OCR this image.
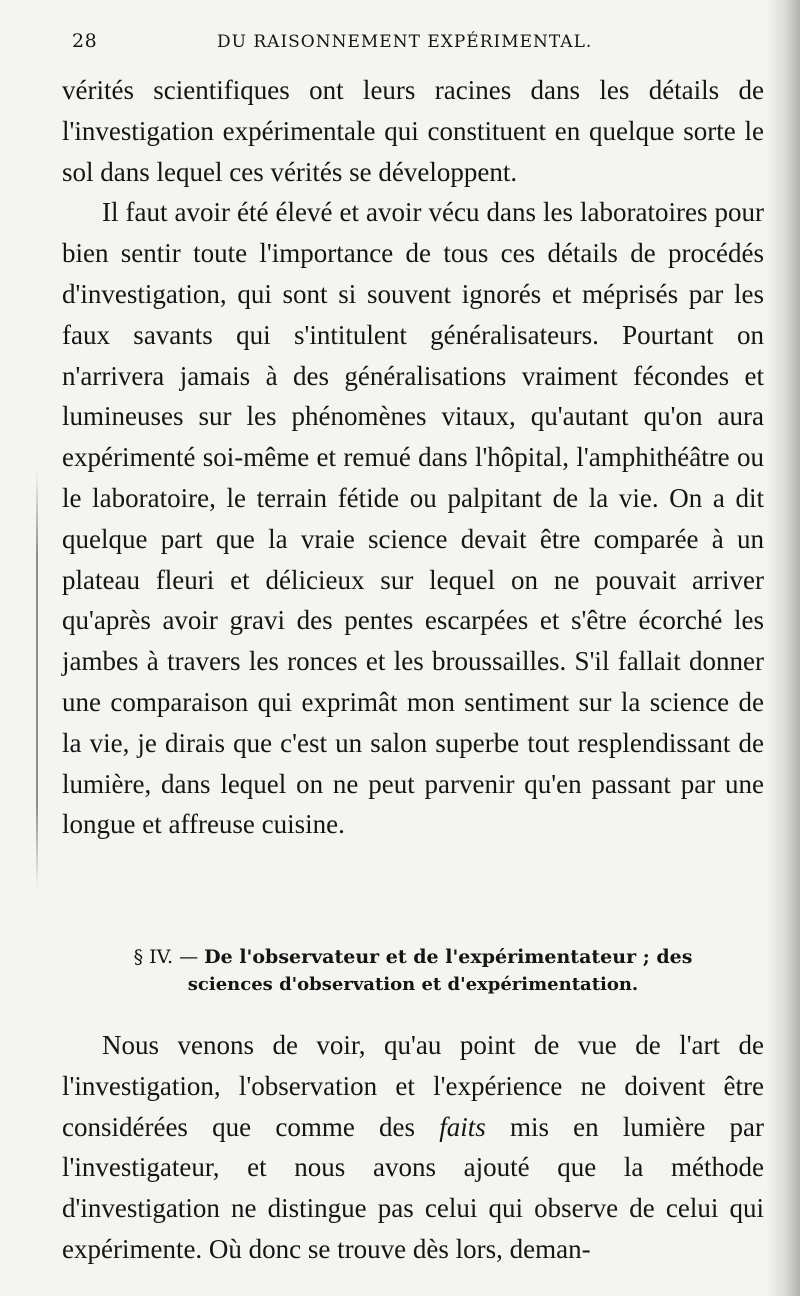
28	DU RAISONNEMENT EXPÉRIMENTAL.

vérités scientifiques ont leurs racines dans les détails de l'investigation expérimentale qui constituent en quelque sorte le sol dans lequel ces vérités se développent.

Il faut avoir été élevé et avoir vécu dans les laboratoires pour bien sentir toute l'importance de tous ces détails de procédés d'investigation, qui sont si souvent ignorés et méprisés par les faux savants qui s'intitulent généralisateurs. Pourtant on n'arrivera jamais à des généralisations vraiment fécondes et lumineuses sur les phénomènes vitaux, qu'autant qu'on aura expérimenté soi-même et remué dans l'hôpital, l'amphithéâtre ou le laboratoire, le terrain fétide ou palpitant de la vie. On a dit quelque part que la vraie science devait être comparée à un plateau fleuri et délicieux sur lequel on ne pouvait arriver qu'après avoir gravi des pentes escarpées et s'être écorché les jambes à travers les ronces et les broussailles. S'il fallait donner une comparaison qui exprimât mon sentiment sur la science de la vie, je dirais que c'est un salon superbe tout resplendissant de lumière, dans lequel on ne peut parvenir qu'en passant par une longue et affreuse cuisine.

§ IV. — De l'observateur et de l'expérimentateur ; des
sciences d'observation et d'expérimentation.

Nous venons de voir, qu'au point de vue de l'art de l'investigation, l'observation et l'expérience ne doivent être considérées que comme des faits mis en lumière par l'investigateur, et nous avons ajouté que la méthode d'investigation ne distingue pas celui qui observe de celui qui expérimente. Où donc se trouve dès lors, deman-
